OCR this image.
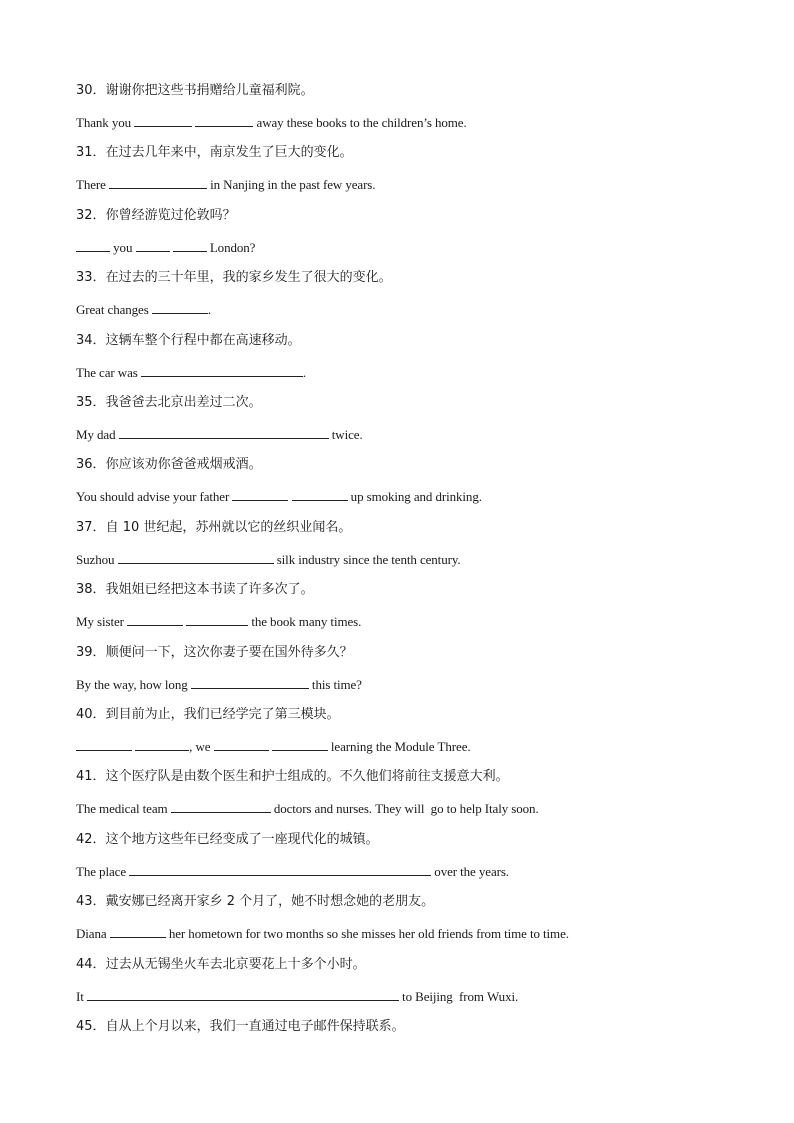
30．谢谢你把这些书捐赠给儿童福利院。
Thank you	away these books to the children’s home.
31．在过去几年来中，南京发生了巨大的变化。
There	in Nanjing in the past few years.
32．你曾经游览过伦敦吗？
you	London?
33．在过去的三十年里，我的家乡发生了很大的变化。
Great changes	.
34．这辆车整个行程中都在高速移动。
The car was	.
35．我爸爸去北京出差过二次。
My dad	twice.
36．你应该劝你爸爸戒烟戒酒。
You should advise your father	up smoking and drinking.
37．自 10 世纪起，苏州就以它的丝织业闻名。
Suzhou	silk industry since the tenth century.
38．我姐姐已经把这本书读了许多次了。
My sister	the book many times.
39．顺便问一下，这次你妻子要在国外待多久？
By the way, how long	this time?
40．到目前为止，我们已经学完了第三模块。
, we	learning the Module Three.
41．这个医疗队是由数个医生和护士组成的。不久他们将前往支援意大利。
The medical team	doctors and nurses. They will  go to help Italy soon.
42．这个地方这些年已经变成了一座现代化的城镇。
The place	over the years.
43．戴安娜已经离开家乡 2 个月了，她不时想念她的老朋友。
Diana	her hometown for two months so she misses her old friends from time to time.
44．过去从无锡坐火车去北京要花上十多个小时。
It	to Beijing  from Wuxi.
45．自从上个月以来，我们一直通过电子邮件保持联系。
